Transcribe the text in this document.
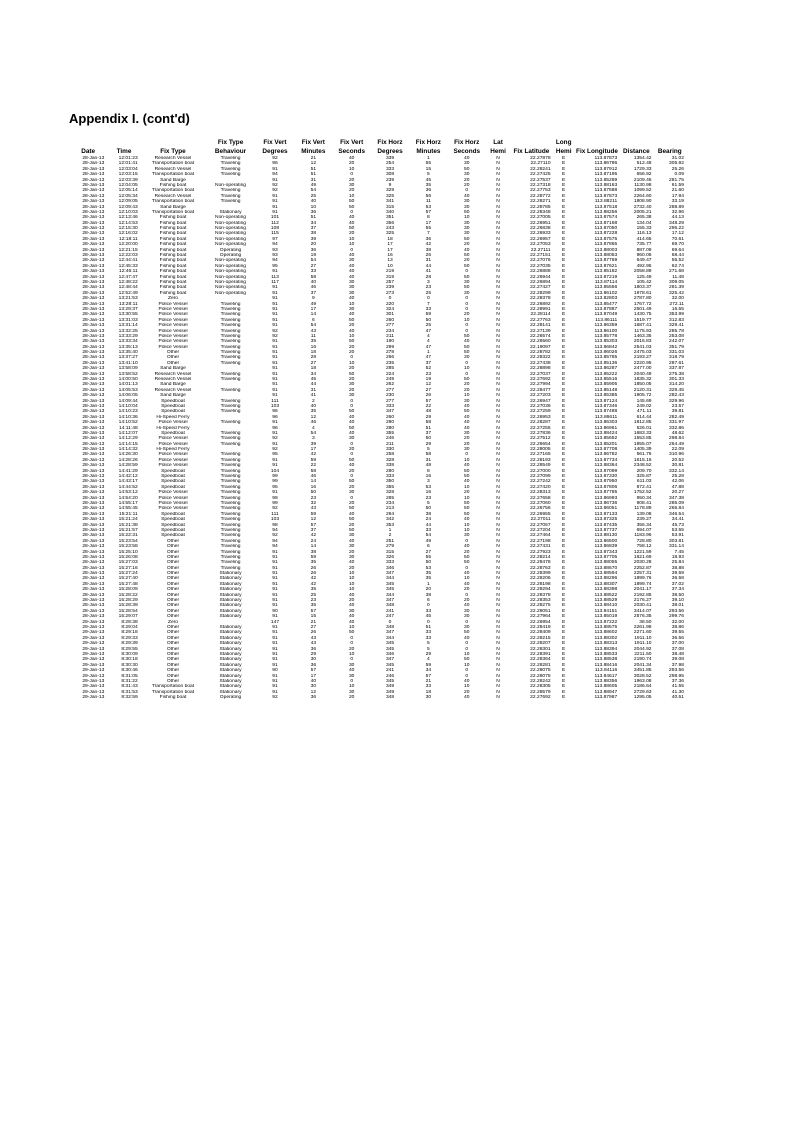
Appendix I. (cont'd)
Date	Time	Fix Type	Fix Type Behaviour	Fix Vert Degrees	Fix Vert Minutes	Fix Vert Seconds	Fix Horz Degrees	Fix Horz Minutes	Fix Horz Seconds	Lat Hemi	Fix Latitude	Long Hemi	Fix Longitude	Distance	Bearing
28-Jan-13	12:01:23	Research Vessel	Traveling	92	21	40	339	1	40	N	22.27878	E	113.87873	1354.42	31.02
28-Jan-13	12:01:41	Transportation boat	Traveling	96	12	20	254	55	30	N	22.27110	E	113.86796	512.48	305.92
28-Jan-13	12:03:04	Research Vessel	Traveling	91	51	10	333	15	50	N	22.28241	E	113.87912	1729.33	25.26
28-Jan-13	12:03:15	Transportation boat	Traveling	94	51	0	308	5	30	N	22.27425	E	113.87195	656.92	0.09
28-Jan-13	12:03:39	Sand Barge		91	31	20	239	45	20	N	22.27537	E	113.85289	2109.45	281.75
28-Jan-13	12:04:05	Fishing boat	Non-operating	92	49	30	9	35	20	N	22.27318	E	113.88163	1130.98	61.59
28-Jan-13	12:05:14	Transportation boat	Traveling	92	54	20	329	36	0	N	22.27753	E	113.87588	1099.52	21.60
28-Jan-13	12:05:34	Research Vessel	Traveling	91	25	10	325	56	40	N	22.28772	E	113.87873	2264.60	17.94
28-Jan-13	12:09:05	Transportation boat	Traveling	91	40	50	341	11	30	N	22.28271	E	113.88211	1808.90	33.19
28-Jan-13	12:09:43	Sand Barge		91	10	50	315	53	30	N	22.28785	E	113.87518	2732.40	288.89
28-Jan-13	12:10:03	Transportation boat	Stationary	91	36	0	340	57	50	N	22.28348	E	113.88256	2005.21	32.96
28-Jan-13	12:13:46	Fishing boat	Non-operating	101	51	40	351	8	10	N	22.27005	E	113.87574	265.38	44.13
28-Jan-13	12:14:53	Fishing boat	Non-operating	112	34	40	356	17	30	N	22.26951	E	113.87168	134.04	348.29
28-Jan-13	12:15:30	Fishing boat	Non-operating	108	37	50	243	55	30	N	22.26838	E	113.87050	155.33	295.22
28-Jan-13	12:16:02	Fishing boat	Non-operating	115	38	20	325	7	30	N	22.26933	E	113.87228	116.13	17.12
28-Jan-13	12:18:11	Fishing boat	Non-operating	97	39	10	18	36	50	N	22.26957	E	113.87575	414.65	70.61
28-Jan-13	12:20:00	Fishing boat	Non-operating	94	20	10	17	42	20	N	22.27053	E	113.87865	735.77	69.70
28-Jan-13	12:21:15	Fishing boat	Operating	93	36	0	17	38	40	N	22.27111	E	113.88003	887.09	69.64
28-Jan-13	12:22:03	Fishing boat	Operating	93	19	40	16	26	50	N	22.27151	E	113.88053	960.05	68.44
28-Jan-13	12:44:41	Fishing boat	Non-operating	94	54	30	13	31	20	N	22.27076	E	113.87769	649.47	55.52
28-Jan-13	12:45:33	Fishing boat	Non-operating	95	27	40	10	44	50	N	22.27035	E	113.87621	492.95	62.74
28-Jan-13	12:46:11	Fishing boat	Non-operating	91	33	40	219	41	0	N	22.26888	E	113.85182	2058.89	271.68
28-Jan-13	12:47:47	Fishing boat	Non-operating	113	58	40	319	28	50	N	22.26944	E	113.87219	125.49	11.48
28-Jan-13	12:48:22	Fishing boat	Non-operating	117	40	30	257	3	30	N	22.26894	E	113.87114	105.42	309.05
28-Jan-13	12:48:44	Fishing boat	Non-operating	91	46	30	239	23	50	N	22.27427	E	113.85556	1803.37	281.39
28-Jan-13	12:52:49	Fishing boat	Non-operating	91	37	30	273	25	30	N	22.28299	E	113.86102	1978.61	325.42
28-Jan-13	13:21:53	Zero		91	9	40	0	0	0	N	22.28378	E	113.82803	2787.80	32.00
28-Jan-13	13:28:11	Police Vessel	Traveling	91	49	10	220	7	0	N	22.26892	E	113.85477	1767.72	272.11
28-Jan-13	13:29:37	Police Vessel	Traveling	91	17	30	324	33	0	N	22.28991	E	113.87887	2501.49	16.55
28-Jan-13	13:30:55	Police Vessel	Traveling	91	14	40	301	59	20	N	22.28114	E	113.87049	1430.75	353.99
28-Jan-13	13:31:03	Police Vessel	Traveling	91	6	50	260	50	10	N	22.27763	E	113.86111	1519.77	312.83
28-Jan-13	13:31:14	Police Vessel	Traveling	91	54	20	277	25	0	N	22.28141	E	113.86359	1687.41	329.41
28-Jan-13	13:32:25	Police Vessel	Traveling	92	43	40	234	47	0	N	22.27139	E	113.86100	1175.93	285.78
28-Jan-13	13:33:29	Police Vessel	Traveling	92	11	10	211	4	50	N	22.26574	E	113.85778	1463.35	253.08
28-Jan-13	13:33:34	Police Vessel	Traveling	91	35	50	190	4	40	N	22.26560	E	113.85303	2016.83	242.07
28-Jan-13	13:35:13	Police Vessel	Traveling	91	16	20	299	47	50	N	22.19097	E	113.86842	2541.03	351.79
28-Jan-13	13:35:40	Other	Traveling	91	18	20	278	1	50	N	22.28782	E	113.86026	2475.03	331.03
28-Jan-13	13:37:27	Other	Traveling	91	28	0	266	47	30	N	22.28322	E	113.85785	2193.27	318.79
28-Jan-13	13:41:10	Other	Traveling	91	27	10	235	37	0	N	22.27438	E	113.85136	2220.95	287.61
28-Jan-13	13:58:09	Sand Barge		91	18	20	285	52	10	N	22.28898	E	113.86287	2477.00	337.87
28-Jan-13	13:58:52	Research Vessel	Traveling	91	34	50	224	23	0	N	22.27037	E	113.85222	2040.49	275.38
28-Jan-13	14:00:50	Research Vessel	Traveling	91	45	20	249	19	50	N	22.27692	E	113.85516	1835.32	301.33
28-Jan-13	14:01:13	Sand Barge		91	44	30	262	12	20	N	22.27994	E	113.85905	1850.05	314.20
28-Jan-13	14:05:53	Research Vessel	Traveling	91	31	20	277	27	20	N	22.28477	E	113.85148	2120.31	329.45
28-Jan-13	14:06:05	Sand Barge		91	41	30	230	26	10	N	22.27203	E	113.85385	1905.72	282.43
28-Jan-13	14:09:44	Speedboat	Traveling	111	2	0	277	57	30	N	22.26947	E	113.87124	145.69	329.96
28-Jan-13	14:10:04	Speedboat	Traveling	103	40	0	333	22	40	N	22.27036	E	113.87346	249.02	23.57
28-Jan-13	14:10:23	Speedboat	Traveling	96	35	50	347	48	50	N	22.27259	E	113.87488	471.11	39.81
28-Jan-13	14:10:36	Hi-Speed Ferry		96	12	40	260	29	40	N	22.26953	E	113.86611	614.44	282.49
28-Jan-13	14:10:52	Police Vessel	Traveling	91	46	40	280	58	40	N	22.28287	E	113.86303	1812.85	331.97
28-Jan-13	14:11:48	Hi-Speed Ferry		96	4	50	280	51	40	N	22.27255	E	113.86961	526.01	332.86
28-Jan-13	14:12:07	Speedboat	Traveling	91	54	40	355	37	30	N	22.27836	E	113.88424	1683.33	48.62
28-Jan-13	14:12:29	Police Vessel	Traveling	92	3	30	246	50	20	N	22.27512	E	113.85652	1553.85	298.84
28-Jan-13	14:14:15	Police Vessel	Traveling	91	39	0	211	29	20	N	22.26654	E	113.85201	1955.07	264.49
28-Jan-13	14:14:32	Hi-Speed Ferry		92	17	20	330	5	30	N	22.28005	E	113.87708	1405.39	22.09
28-Jan-13	14:26:30	Police Vessel	Traveling	95	42	0	258	58	0	N	22.27165	E	113.86782	561.76	310.96
28-Jan-13	14:28:26	Police Vessel	Traveling	91	59	50	328	31	10	N	22.28193	E	113.87734	1615.16	20.52
28-Jan-13	14:28:59	Police Vessel	Traveling	91	22	40	338	48	40	N	22.28549	E	113.88364	2348.52	30.81
28-Jan-13	14:41:29	Speedboat	Traveling	104	58	20	280	8	50	N	22.27000	E	113.87099	209.70	332.14
28-Jan-13	14:42:12	Speedboat	Traveling	99	46	0	333	16	50	N	22.27099	E	113.87330	325.87	25.28
28-Jan-13	14:43:17	Speedboat	Traveling	99	14	50	350	3	40	N	22.27242	E	113.87950	611.03	42.06
28-Jan-13	14:44:52	Speedboat	Traveling	95	16	20	355	53	10	N	22.27420	E	113.87806	872.41	47.88
28-Jan-13	14:53:12	Police Vessel	Traveling	91	50	30	328	16	20	N	22.28313	E	113.87785	1752.52	20.27
28-Jan-13	14:54:20	Police Vessel	Traveling	98	23	0	285	23	10	N	22.27658	E	113.86993	950.34	347.38
28-Jan-13	14:55:17	Police Vessel	Traveling	99	32	20	234	5	50	N	22.27060	E	113.86736	908.41	285.09
28-Jan-13	14:55:45	Police Vessel	Traveling	92	43	50	213	50	50	N	22.26756	E	113.86051	1178.89	265.84
28-Jan-13	15:21:11	Speedboat	Traveling	111	59	40	294	38	50	N	22.26955	E	113.87133	139.08	346.54
28-Jan-13	15:21:24	Speedboat	Traveling	103	12	50	342	24	40	N	22.27011	E	113.87325	239.27	34.41
28-Jan-13	15:21:38	Speedboat	Traveling	98	57	20	353	44	10	N	22.27057	E	113.87435	356.34	45.73
28-Jan-13	15:21:57	Speedboat	Traveling	94	37	50	1	33	10	N	22.27204	E	113.87737	694.07	53.55
28-Jan-13	15:22:31	Speedboat	Traveling	92	42	30	2	54	30	N	22.27464	E	113.88130	1183.96	53.91
28-Jan-13	15:23:54	Other	Traveling	94	24	40	251	49	0	N	22.27198	E	113.86500	728.80	303.81
28-Jan-13	15:23:58	Other	Traveling	94	14	30	279	6	40	N	22.27431	E	113.86839	758.12	331.14
28-Jan-13	15:25:10	Other	Traveling	91	38	20	315	27	20	N	22.27923	E	113.87343	1221.59	7.45
28-Jan-13	15:26:08	Other	Traveling	91	59	30	326	55	50	N	22.28214	E	113.87705	1621.69	18.93
28-Jan-13	15:27:03	Other	Traveling	91	35	40	333	50	50	N	22.28478	E	113.88055	2030.28	25.84
28-Jan-13	15:27:16	Other	Traveling	91	26	20	346	53	0	N	22.28763	E	113.88670	2252.87	38.88
28-Jan-13	15:27:24	Other	Stationary	91	26	10	347	35	40	N	22.28399	E	113.88594	2257.31	39.59
28-Jan-13	15:27:40	Other	Stationary	91	42	10	344	35	10	N	22.28206	E	113.88296	1899.76	36.58
28-Jan-13	15:27:48	Other	Stationary	91	42	10	345	1	40	N	22.28198	E	113.88307	1899.74	37.02
28-Jan-13	15:28:09	Other	Stationary	91	35	10	345	20	20	N	22.28294	E	113.88398	2041.17	37.34
28-Jan-13	15:28:22	Other	Stationary	91	25	40	344	38	0	N	22.28378	E	113.88522	2192.85	38.50
28-Jan-13	15:28:29	Other	Stationary	91	23	20	347	6	20	N	22.28353	E	113.88529	2176.27	39.10
28-Jan-13	15:28:39	Other	Stationary	91	35	40	348	0	40	N	22.28275	E	113.88410	2030.41	38.01
28-Jan-13	15:28:54	Other	Stationary	90	57	30	241	33	30	N	22.28051	E	113.84151	3414.07	293.56
28-Jan-13	15:29:07	Other	Stationary	91	15	40	247	45	30	N	22.27964	E	113.85019	2576.35	299.76
29-Jan-13	8:28:38	Zero		147	21	40	0	0	0	N	22.26954	E	113.87222	38.50	32.00
29-Jan-13	8:29:04	Other	Stationary	91	27	10	348	51	30	N	22.28419	E	113.88575	2261.98	38.86
29-Jan-13	8:29:18	Other	Stationary	91	26	50	347	33	50	N	22.28409	E	113.88602	2271.60	39.55
29-Jan-13	8:29:33	Other	Stationary	91	43	0	344	33	40	N	22.28215	E	113.88302	1911.10	36.56
29-Jan-13	8:29:39	Other	Stationary	91	43	0	345	5	0	N	22.28207	E	113.88313	1911.10	37.00
29-Jan-13	8:29:55	Other	Stationary	91	36	20	345	5	0	N	22.28301	E	113.88394	2044.92	37.08
29-Jan-13	8:30:09	Other	Stationary	91	29	10	346	29	10	N	22.28391	E	113.88533	2211.50	38.48
29-Jan-13	8:30:18	Other	Stationary	91	30	0	347	4	50	N	22.28364	E	113.88538	2190.74	39.08
29-Jan-13	8:30:30	Other	Stationary	91	36	30	345	59	10	N	22.28281	E	113.88416	2041.34	37.98
29-Jan-13	8:30:46	Other	Stationary	90	57	40	241	34	0	N	22.28075	E	113.84116	3451.85	293.56
29-Jan-13	8:31:05	Other	Stationary	91	17	30	246	57	0	N	22.28075	E	113.84617	3028.52	298.95
29-Jan-13	8:31:22	Other	Stationary	91	40	0	345	21	40	N	22.28242	E	113.88356	1963.08	37.36
29-Jan-13	8:31:43	Transportation boat	Stationary	91	30	10	349	33	10	N	22.28305	E	113.88605	2186.64	41.55
29-Jan-13	8:31:53	Transportation boat	Stationary	91	12	30	349	18	20	N	22.28579	E	113.88947	2729.63	41.30
29-Jan-13	8:32:59	Fishing boat	Operating	92	36	20	348	30	40	N	22.27692	E	113.87987	1295.05	40.51
